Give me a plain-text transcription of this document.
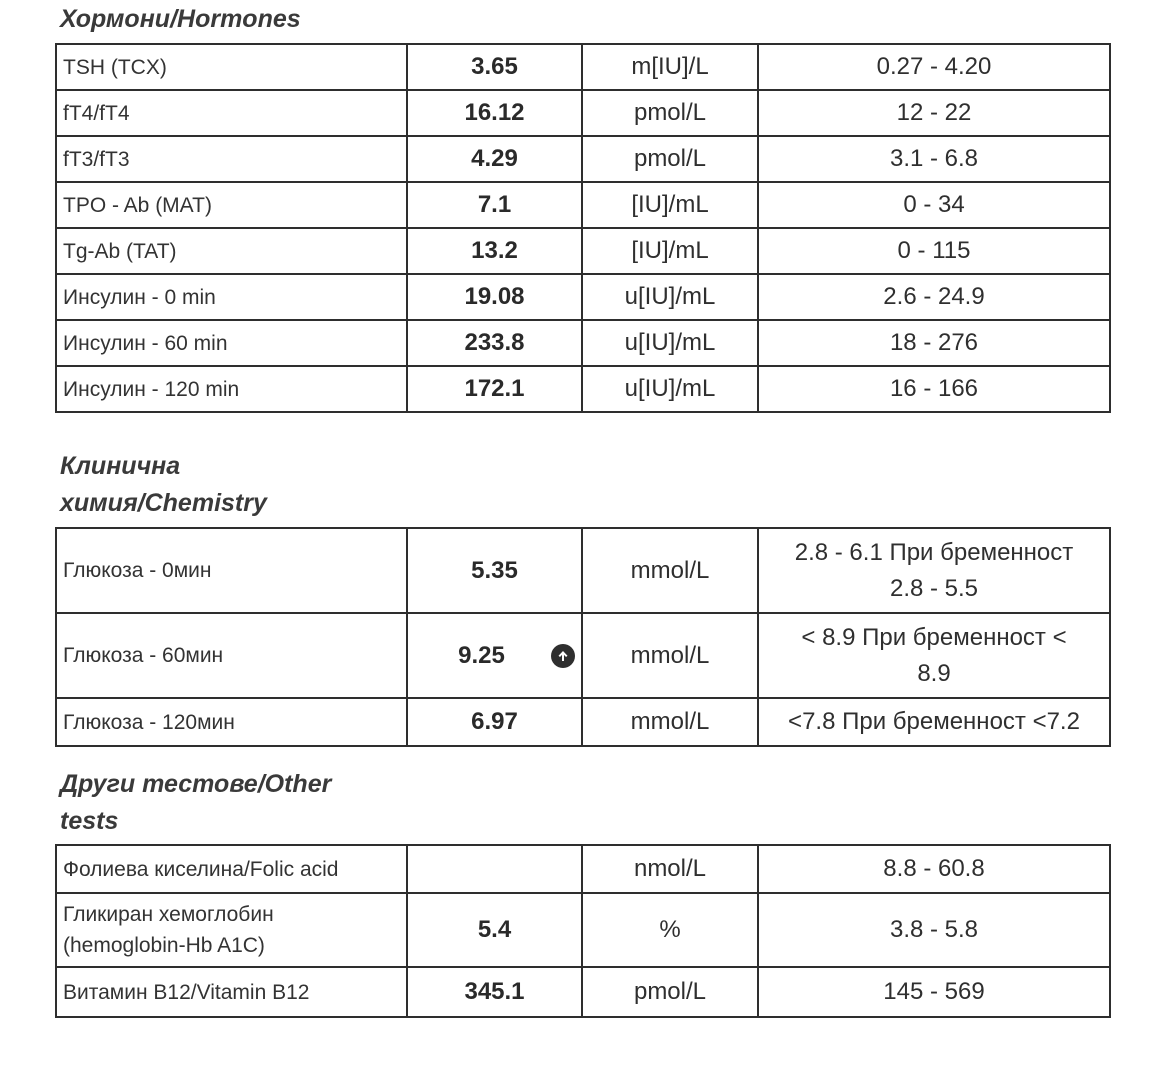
Хормони/Hormones
TSH (TCX)	3.65	m[IU]/L	0.27 - 4.20
fT4/fT4	16.12	pmol/L	12 - 22
fT3/fT3	4.29	pmol/L	3.1 - 6.8
TPO - Ab (MAT)	7.1	[IU]/mL	0 - 34
Tg-Ab (TAT)	13.2	[IU]/mL	0 - 115
Инсулин - 0 min	19.08	u[IU]/mL	2.6 - 24.9
Инсулин - 60 min	233.8	u[IU]/mL	18 - 276
Инсулин - 120 min	172.1	u[IU]/mL	16 - 166
Клинична
химия/Chemistry
Глюкоза - 0мин	5.35	mmol/L	2.8 - 6.1 При бременност
2.8 - 5.5

Глюкоза - 60мин	9.25	mmol/L	< 8.9 При бременност <
8.9

Глюкоза - 120мин	6.97	mmol/L	<7.8 При бременност <7.2
Други тестове/Other
tests
Фолиева киселина/Folic acid		nmol/L	8.8 - 60.8

Гликиран хемоглобин
(hemoglobin-Hb A1C)	5.4	%	3.8 - 5.8
Витамин B12/Vitamin B12	345.1	pmol/L	145 - 569
